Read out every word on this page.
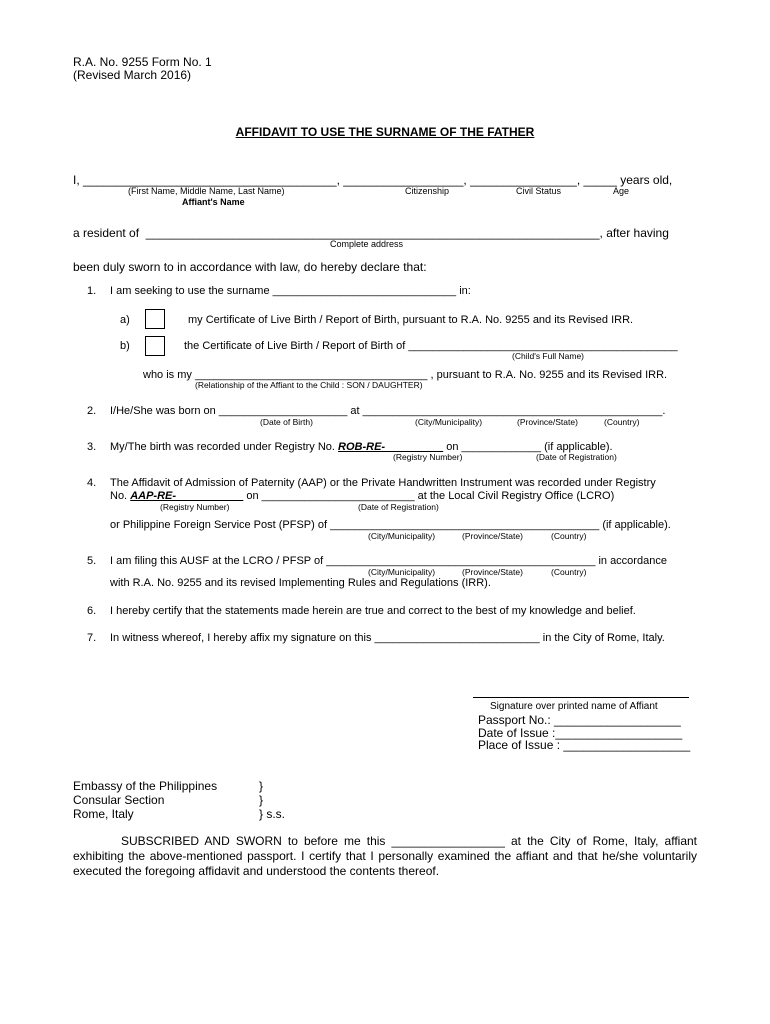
R.A. No. 9255 Form No. 1
(Revised March 2016)
AFFIDAVIT TO USE THE SURNAME OF THE FATHER
I, ______________________________________, __________________, ________________, _____ years old,
(First Name, Middle Name, Last Name)
Affiant's Name
Citizenship	Civil Status	Age
a resident of  ____________________________________________________________________, after having
Complete address
been duly sworn to in accordance with law, do hereby declare that:
1. I am seeking to use the surname ______________________________ in:
a)	my Certificate of Live Birth / Report of Birth, pursuant to R.A. No. 9255 and its Revised IRR.
b)	the Certificate of Live Birth / Report of Birth of ____________________________________________
(Child's Full Name)
who is my ______________________________________ , pursuant to R.A. No. 9255 and its Revised IRR.
(Relationship of the Affiant to the Child : SON / DAUGHTER)
2. I/He/She was born on _____________________ at _________________________________________________.
(Date of Birth)	(City/Municipality)	(Province/State)	(Country)
3. My/The birth was recorded under Registry No. ROB-RE-                    on _____________ (if applicable).
(Registry Number)	(Date of Registration)
4. The Affidavit of Admission of Paternity (AAP) or the Private Handwritten Instrument was recorded under Registry
No. AAP-RE-                       on _________________________ at the Local Civil Registry Office (LCRO)
(Registry Number)	(Date of Registration)
or Philippine Foreign Service Post (PFSP) of ____________________________________________ (if applicable).
(City/Municipality)	(Province/State)	(Country)
5. I am filing this AUSF at the LCRO / PFSP of ____________________________________________ in accordance
(City/Municipality)	(Province/State)	(Country)
with R.A. No. 9255 and its revised Implementing Rules and Regulations (IRR).
6. I hereby certify that the statements made herein are true and correct to the best of my knowledge and belief.
7. In witness whereof, I hereby affix my signature on this ___________________________ in the City of Rome, Italy.
Signature over printed name of Affiant
Passport No.: ___________________
Date of Issue :___________________
Place of Issue : ___________________
Embassy of the Philippines
Consular Section
Rome, Italy
}
}
} s.s.
SUBSCRIBED AND SWORN to before me this _________________ at the City of Rome, Italy, affiant exhibiting the above-mentioned passport. I certify that I personally examined the affiant and that he/she voluntarily executed the foregoing affidavit and understood the contents thereof.
